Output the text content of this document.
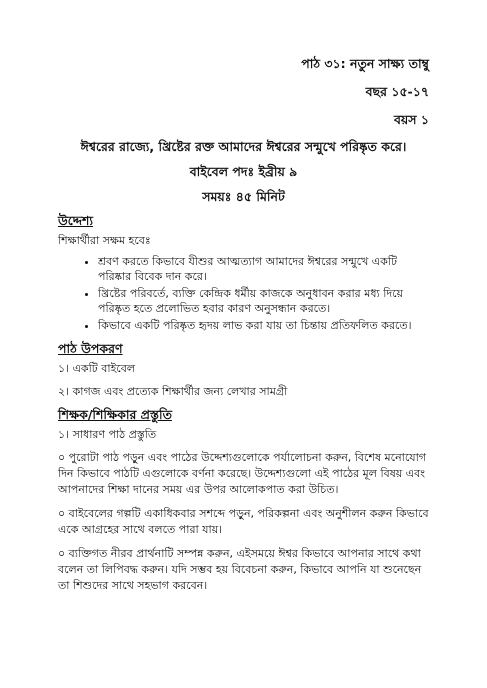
পাঠ ৩১: নতুন সাক্ষ্য তাম্বু
বছর ১৫-১৭
বয়স ১
ঈশ্বরের রাজ্যে, খ্রিষ্টের রক্ত আমাদের ঈশ্বরের সন্মুখে পরিষ্কৃত করে।
বাইবেল পদঃ ইব্রীয় ৯
সময়ঃ ৪৫ মিনিট
উদ্দেশ্য
শিক্ষার্থীরা সক্ষম হবেঃ
• শ্রবণ করতে কিভাবে যীশুর আত্মত্যাগ আমাদের ঈশ্বরের সন্মুখে একটি পরিষ্কার বিবেক দান করে।
• খ্রিষ্টের পরিবর্তে, ব্যক্তি কেন্দ্রিক ধর্মীয় কাজকে অনুধাবন করার মধ্য দিয়ে পরিষ্কৃত হতে প্রলোভিত হবার কারণ অনুসন্ধান করতে।
• কিভাবে একটি পরিষ্কৃত হৃদয় লাভ করা যায় তা চিন্তায় প্রতিফলিত করতে।
পাঠ উপকরণ
১। একটি বাইবেল
২। কাগজ এবং প্রত্যেক শিক্ষার্থীর জন্য লেখার সামগ্রী
শিক্ষক/শিক্ষিকার প্রস্তুতি
১। সাধারণ পাঠ প্রস্তুতি
০ পুরোটা পাঠ পড়ুন এবং পাঠের উদ্দেশ্যগুলোকে পর্যালোচনা করুন, বিশেষ মনোযোগ দিন কিভাবে পাঠটি এগুলোকে বর্ণনা করেছে। উদ্দেশ্যগুলো এই পাঠের মূল বিষয় এবং আপনাদের শিক্ষা দানের সময় এর উপর আলোকপাত করা উচিত।
০ বাইবেলের গল্পটি একাধিকবার সশব্দে পড়ুন, পরিকল্পনা এবং অনুশীলন করুন কিভাবে একে আগ্রহের সাথে বলতে পারা যায়।
০ ব্যক্তিগত নীরব প্রার্থনাটি সম্পন্ন করুন, এইসময়ে ঈশ্বর কিভাবে আপনার সাথে কথা বলেন তা লিপিবদ্ধ করুন। যদি সম্ভব হয় বিবেচনা করুন, কিভাবে আপনি যা শুনেছেন তা শিশুদের সাথে সহভাগ করবেন।
